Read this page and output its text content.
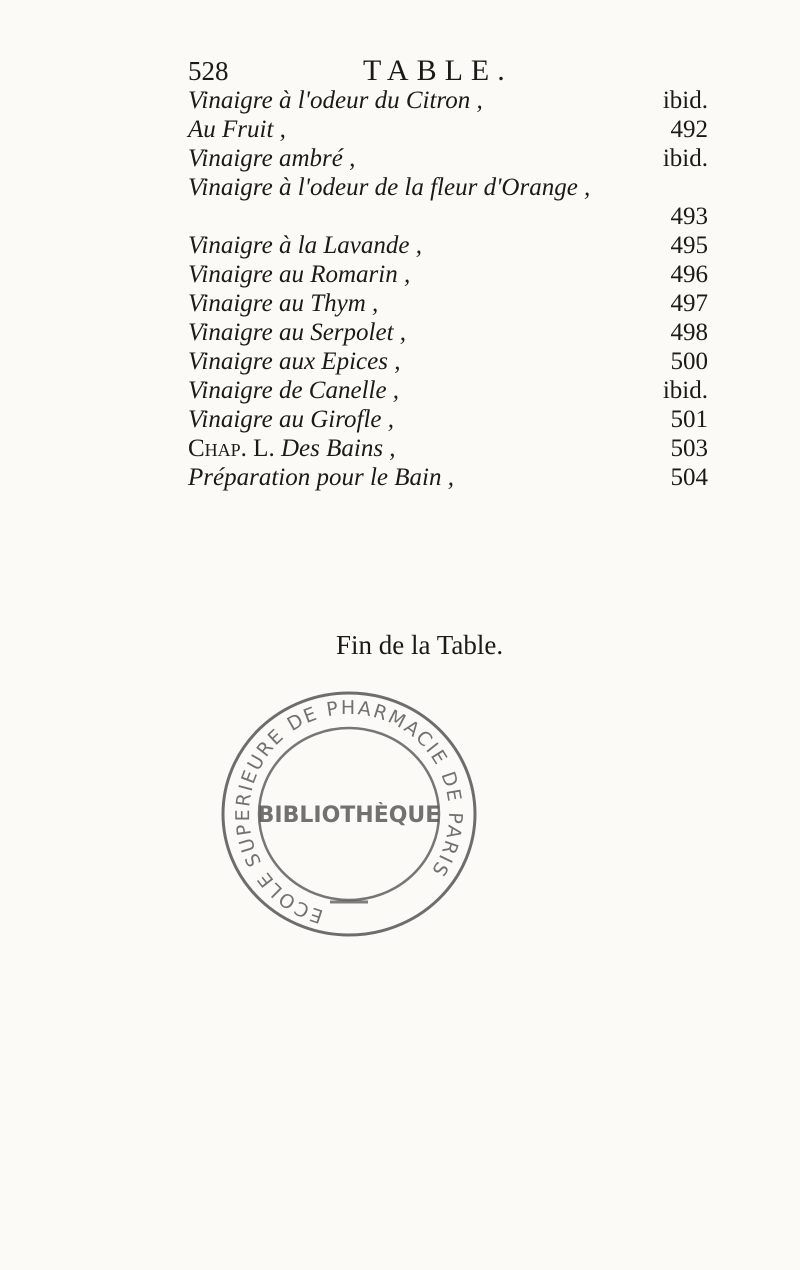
528	TABLE.
Vinaigre à l'odeur du Citron ,	ibid.
Au Fruit ,	492
Vinaigre ambré ,	ibid.
Vinaigre à l'odeur de la fleur d'Orange ,
493
Vinaigre à la Lavande ,	495
Vinaigre au Romarin ,	496
Vinaigre au Thym ,	497
Vinaigre au Serpolet ,	498
Vinaigre aux Epices ,	500
Vinaigre de Canelle ,	ibid.
Vinaigre au Girofle ,	501
Chap. L. Des Bains ,	503
Préparation pour le Bain ,	504
Fin de la Table.
ECOLE SUPERIEURE DE PHARMACIE DE PARIS
BIBLIOTHÈQUE
